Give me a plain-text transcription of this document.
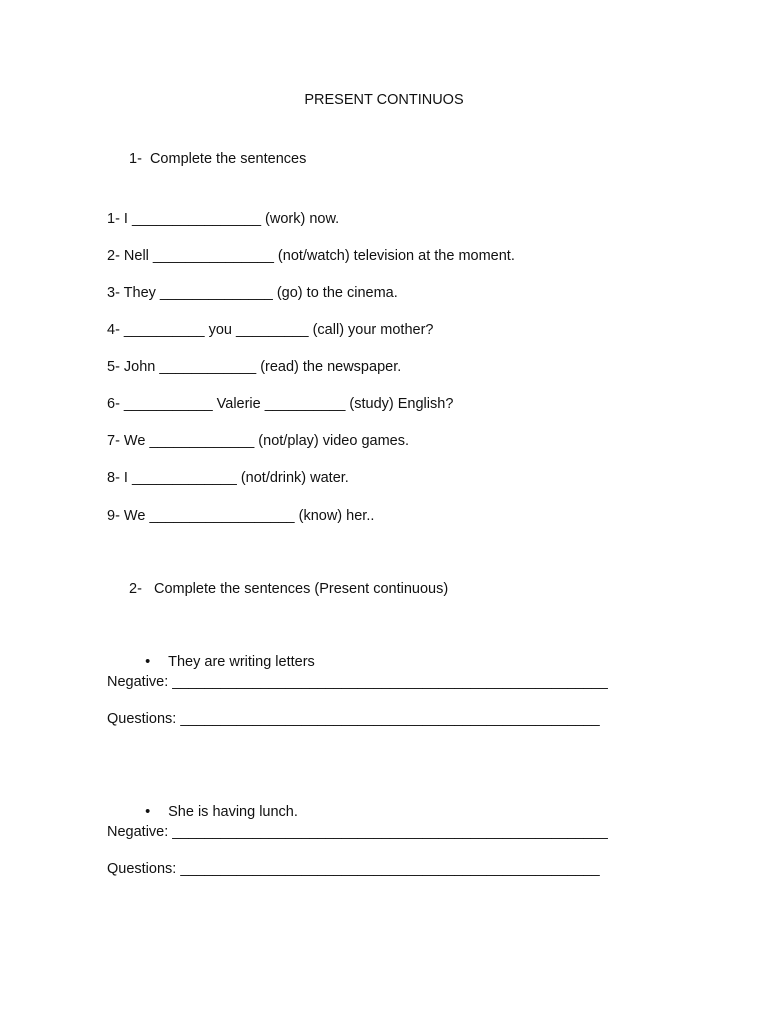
PRESENT CONTINUOS
1-  Complete the sentences
1- I ________________ (work) now.
2- Nell _______________ (not/watch) television at the moment.
3- They ______________ (go) to the cinema.
4- __________ you _________ (call) your mother?
5- John ____________ (read) the newspaper.
6- ___________ Valerie __________ (study) English?
7- We _____________ (not/play) video games.
8- I _____________ (not/drink) water.
9- We __________________ (know) her..
2-   Complete the sentences (Present continuous)

• They are writing letters

Negative: ______________________________________________________
Questions: ____________________________________________________

• She is having lunch.

Negative: ______________________________________________________
Questions: ____________________________________________________
